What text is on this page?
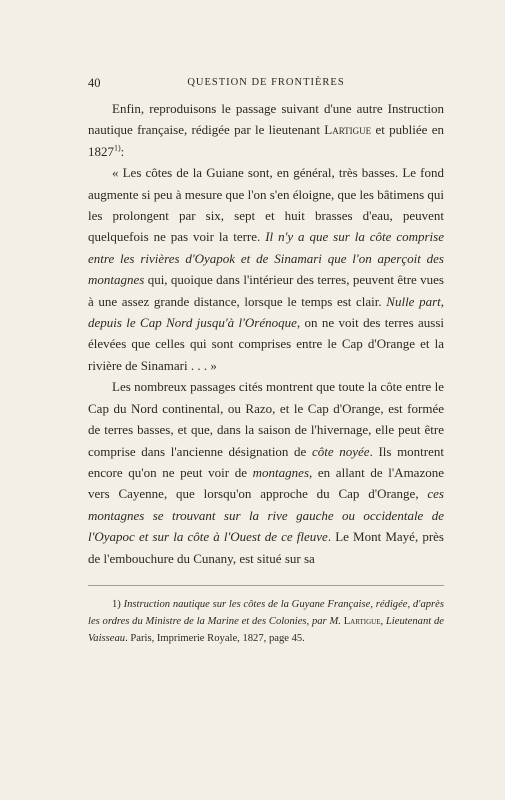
40	QUESTION DE FRONTIÈRES

Enfin, reproduisons le passage suivant d'une autre Instruction nautique française, rédigée par le lieutenant Lartigue et publiée en 1827$^{1)}$:

« Les côtes de la Guiane sont, en général, très basses. Le fond augmente si peu à mesure que l'on s'en éloigne, que les bâtimens qui les prolongent par six, sept et huit brasses d'eau, peuvent quelquefois ne pas voir la terre. Il n'y a que sur la côte comprise entre les rivières d'Oyapok et de Sinamari que l'on aperçoit des montagnes qui, quoique dans l'intérieur des terres, peuvent être vues à une assez grande distance, lorsque le temps est clair. Nulle part, depuis le Cap Nord jusqu'à l'Orénoque, on ne voit des terres aussi élevées que celles qui sont comprises entre le Cap d'Orange et la rivière de Sinamari . . . »

Les nombreux passages cités montrent que toute la côte entre le Cap du Nord continental, ou Razo, et le Cap d'Orange, est formée de terres basses, et que, dans la saison de l'hivernage, elle peut être comprise dans l'ancienne désignation de côte noyée. Ils montrent encore qu'on ne peut voir de montagnes, en allant de l'Amazone vers Cayenne, que lorsqu'on approche du Cap d'Orange, ces montagnes se trouvant sur la rive gauche ou occidentale de l'Oyapoc et sur la côte à l'Ouest de ce fleuve. Le Mont Mayé, près de l'embouchure du Cunany, est situé sur sa

1) Instruction nautique sur les côtes de la Guyane Française, rédigée, d'après les ordres du Ministre de la Marine et des Colonies, par M. Lartigue, Lieutenant de Vaisseau. Paris, Imprimerie Royale, 1827, page 45.
